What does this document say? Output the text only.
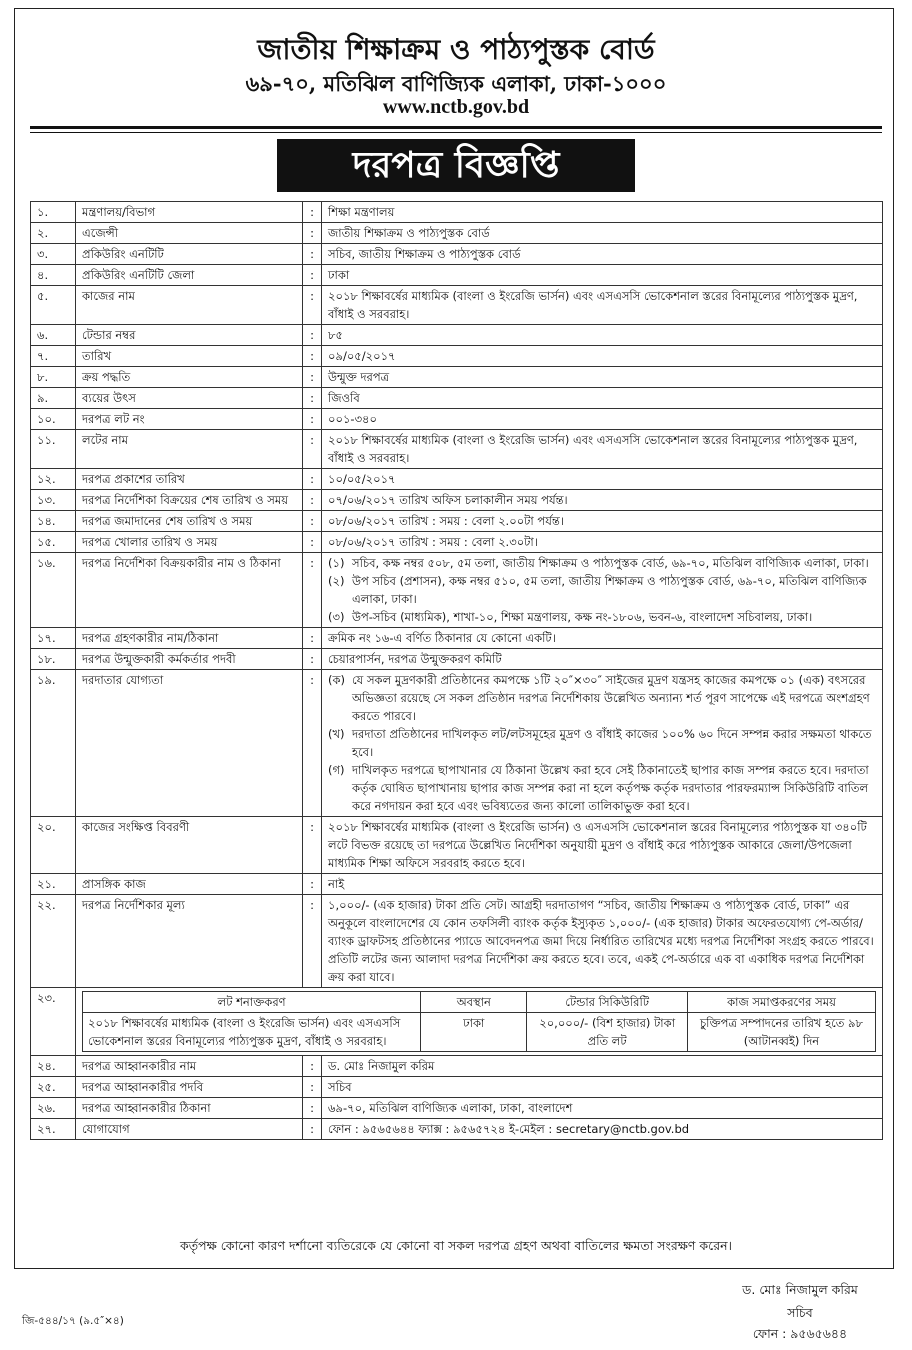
জাতীয় শিক্ষাক্রম ও পাঠ্যপুস্তক বোর্ড
৬৯-৭০, মতিঝিল বাণিজ্যিক এলাকা, ঢাকা-১০০০
www.nctb.gov.bd
দরপত্র বিজ্ঞপ্তি
১.	মন্ত্রণালয়/বিভাগ	:	শিক্ষা মন্ত্রণালয়
২.	এজেন্সী	:	জাতীয় শিক্ষাক্রম ও পাঠ্যপুস্তক বোর্ড
৩.	প্রকিউরিং এনটিটি	:	সচিব, জাতীয় শিক্ষাক্রম ও পাঠ্যপুস্তক বোর্ড
৪.	প্রকিউরিং এনটিটি জেলা	:	ঢাকা
৫.	কাজের নাম	:	২০১৮ শিক্ষাবর্ষের মাধ্যমিক (বাংলা ও ইংরেজি ভার্সন) এবং এসএসসি ভোকেশনাল স্তরের বিনামূল্যের পাঠ্যপুস্তক মুদ্রণ, বাঁধাই ও সরবরাহ।
৬.	টেন্ডার নম্বর	:	৮৫
৭.	তারিখ	:	০৯/০৫/২০১৭
৮.	ক্রয় পদ্ধতি	:	উন্মুক্ত দরপত্র
৯.	ব্যয়ের উৎস	:	জিওবি
১০.	দরপত্র লট নং	:	০০১-৩৪০
১১.	লটের নাম	:	২০১৮ শিক্ষাবর্ষের মাধ্যমিক (বাংলা ও ইংরেজি ভার্সন) এবং এসএসসি ভোকেশনাল স্তরের বিনামূল্যের পাঠ্যপুস্তক মুদ্রণ, বাঁধাই ও সরবরাহ।
১২.	দরপত্র প্রকাশের তারিখ	:	১০/০৫/২০১৭
১৩.	দরপত্র নির্দেশিকা বিক্রয়ের শেষ তারিখ ও সময়	:	০৭/০৬/২০১৭ তারিখ অফিস চলাকালীন সময় পর্যন্ত।
১৪.	দরপত্র জমাদানের শেষ তারিখ ও সময়	:	০৮/০৬/২০১৭ তারিখ : সময় : বেলা ২.০০টা পর্যন্ত।
১৫.	দরপত্র খোলার তারিখ ও সময়	:	০৮/০৬/২০১৭ তারিখ : সময় : বেলা ২.৩০টা।
১৬.	দরপত্র নির্দেশিকা বিক্রয়কারীর নাম ও ঠিকানা	:	(১) সচিব, কক্ষ নম্বর ৫০৮, ৫ম তলা, জাতীয় শিক্ষাক্রম ও পাঠ্যপুস্তক বোর্ড, ৬৯-৭০, মতিঝিল বাণিজ্যিক এলাকা, ঢাকা।
(২) উপ সচিব (প্রশাসন), কক্ষ নম্বর ৫১০, ৫ম তলা, জাতীয় শিক্ষাক্রম ও পাঠ্যপুস্তক বোর্ড, ৬৯-৭০, মতিঝিল বাণিজ্যিক এলাকা, ঢাকা।
(৩) উপ-সচিব (মাধ্যমিক), শাখা-১০, শিক্ষা মন্ত্রণালয়, কক্ষ নং-১৮০৬, ভবন-৬, বাংলাদেশ সচিবালয়, ঢাকা।

১৭.	দরপত্র গ্রহণকারীর নাম/ঠিকানা	:	ক্রমিক নং ১৬-এ বর্ণিত ঠিকানার যে কোনো একটি।
১৮.	দরপত্র উন্মুক্তকারী কর্মকর্তার পদবী	:	চেয়ারপার্সন, দরপত্র উন্মুক্তকরণ কমিটি
১৯.	দরদাতার যোগ্যতা	:	(ক) যে সকল মুদ্রণকারী প্রতিষ্ঠানের কমপক্ষে ১টি ২০″×৩০″ সাইজের মুদ্রণ যন্ত্রসহ কাজের কমপক্ষে ০১ (এক) বৎসরের অভিজ্ঞতা রয়েছে সে সকল প্রতিষ্ঠান দরপত্র নির্দেশিকায় উল্লেখিত অন্যান্য শর্ত পূরণ সাপেক্ষে এই দরপত্রে অংশগ্রহণ করতে পারবে।
(খ) দরদাতা প্রতিষ্ঠানের দাখিলকৃত লট/লটসমূহের মুদ্রণ ও বাঁধাই কাজের ১০০% ৬০ দিনে সম্পন্ন করার সক্ষমতা থাকতে হবে।
(গ) দাখিলকৃত দরপত্রে ছাপাখানার যে ঠিকানা উল্লেখ করা হবে সেই ঠিকানাতেই ছাপার কাজ সম্পন্ন করতে হবে। দরদাতা কর্তৃক ঘোষিত ছাপাখানায় ছাপার কাজ সম্পন্ন করা না হলে কর্তৃপক্ষ কর্তৃক দরদাতার পারফরম্যান্স সিকিউরিটি বাতিল করে নগদায়ন করা হবে এবং ভবিষ্যতের জন্য কালো তালিকাভুক্ত করা হবে।

২০.	কাজের সংক্ষিপ্ত বিবরণী	:	২০১৮ শিক্ষাবর্ষের মাধ্যমিক (বাংলা ও ইংরেজি ভার্সন) ও এসএসসি ভোকেশনাল স্তরের বিনামূল্যের পাঠ্যপুস্তক যা ৩৪০টি লটে বিভক্ত রয়েছে তা দরপত্রে উল্লেখিত নির্দেশিকা অনুযায়ী মুদ্রণ ও বাঁধাই করে পাঠ্যপুস্তক আকারে জেলা/উপজেলা মাধ্যমিক শিক্ষা অফিসে সরবরাহ করতে হবে।
২১.	প্রাসঙ্গিক কাজ	:	নাই
২২.	দরপত্র নির্দেশিকার মূল্য	:	১,০০০/- (এক হাজার) টাকা প্রতি সেট। আগ্রহী দরদাতাগণ “সচিব, জাতীয় শিক্ষাক্রম ও পাঠ্যপুস্তক বোর্ড, ঢাকা” এর অনুকূলে বাংলাদেশের যে কোন তফসিলী ব্যাংক কর্তৃক ইস্যুকৃত ১,০০০/- (এক হাজার) টাকার অফেরতযোগ্য পে-অর্ডার/ব্যাংক ড্রাফটসহ প্রতিষ্ঠানের প্যাডে আবেদনপত্র জমা দিয়ে নির্ধারিত তারিখের মধ্যে দরপত্র নির্দেশিকা সংগ্রহ করতে পারবে। প্রতিটি লটের জন্য আলাদা দরপত্র নির্দেশিকা ক্রয় করতে হবে। তবে, একই পে-অর্ডারে এক বা একাধিক দরপত্র নির্দেশিকা ক্রয় করা যাবে।
২৩.		লট শনাক্তকরণ	অবস্থান	টেন্ডার সিকিউরিটি	কাজ সমাপ্তকরণের সময়
২০১৮ শিক্ষাবর্ষের মাধ্যমিক (বাংলা ও ইংরেজি ভার্সন) এবং এসএসসি ভোকেশনাল স্তরের বিনামূল্যের পাঠ্যপুস্তক মুদ্রণ, বাঁধাই ও সরবরাহ।	ঢাকা	২০,০০০/- (বিশ হাজার) টাকা প্রতি লট	চুক্তিপত্র সম্পাদনের তারিখ হতে ৯৮ (আটানব্বই) দিন

২৪.	দরপত্র আহ্বানকারীর নাম	:	ড. মোঃ নিজামুল করিম
২৫.	দরপত্র আহ্বানকারীর পদবি	:	সচিব
২৬.	দরপত্র আহ্বানকারীর ঠিকানা	:	৬৯-৭০, মতিঝিল বাণিজ্যিক এলাকা, ঢাকা, বাংলাদেশ
২৭.	যোগাযোগ	:	ফোন : ৯৫৬৫৬৪৪ ফ্যাক্স : ৯৫৬৫৭২৪ ই-মেইল : secretary@nctb.gov.bd
কর্তৃপক্ষ কোনো কারণ দর্শানো ব্যতিরেকে যে কোনো বা সকল দরপত্র গ্রহণ অথবা বাতিলের ক্ষমতা সংরক্ষণ করেন।
ড. মোঃ নিজামুল করিম
সচিব
ফোন : ৯৫৬৫৬৪৪
জি-৫৪৪/১৭ (৯.৫″×৪)
